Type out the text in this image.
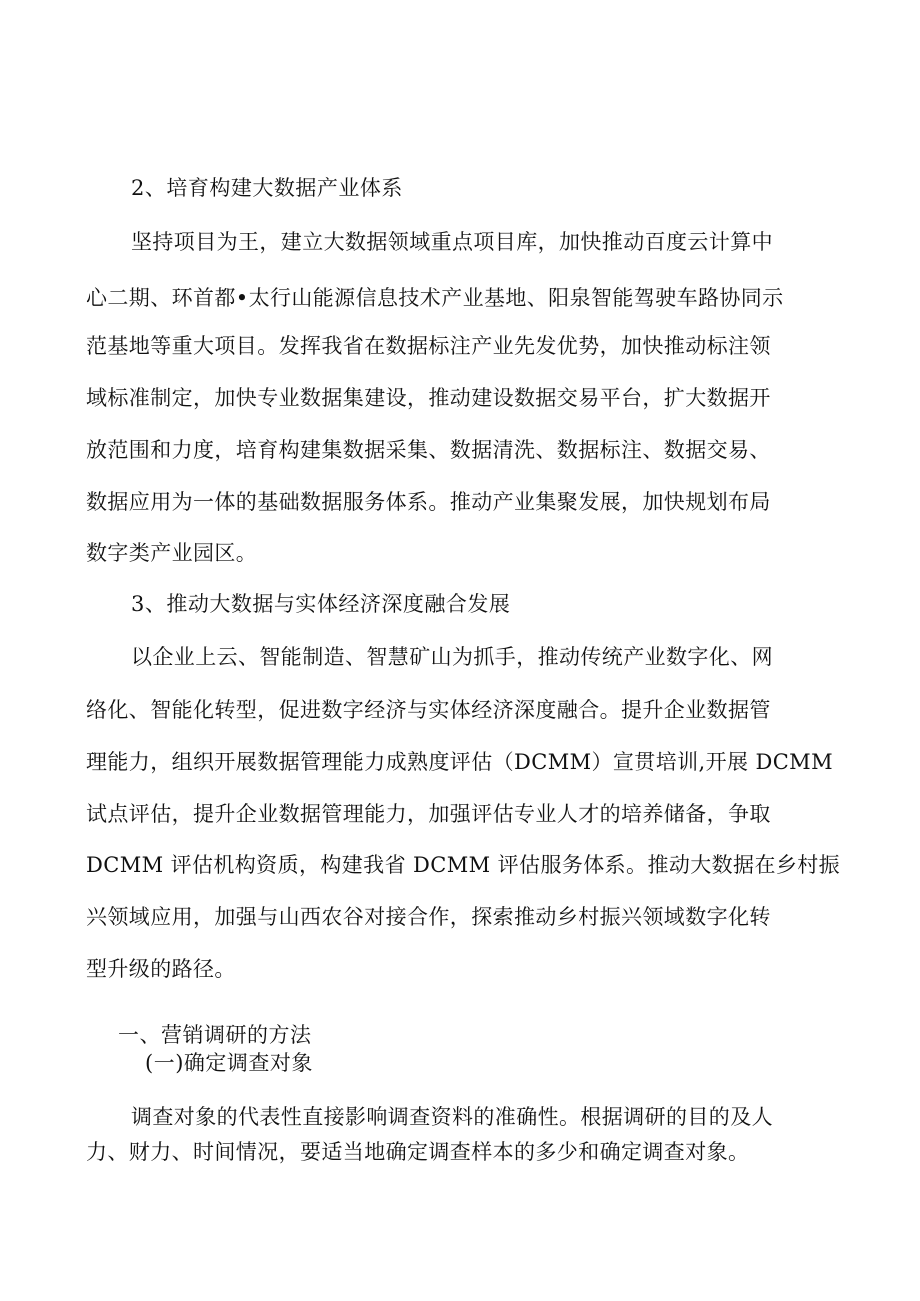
2、培育构建大数据产业体系
坚持项目为王，建立大数据领域重点项目库，加快推动百度云计算中
心二期、环首都•太行山能源信息技术产业基地、阳泉智能驾驶车路协同示
范基地等重大项目。发挥我省在数据标注产业先发优势，加快推动标注领
域标准制定，加快专业数据集建设，推动建设数据交易平台，扩大数据开
放范围和力度，培育构建集数据采集、数据清洗、数据标注、数据交易、
数据应用为一体的基础数据服务体系。推动产业集聚发展，加快规划布局
数字类产业园区。
3、推动大数据与实体经济深度融合发展
以企业上云、智能制造、智慧矿山为抓手，推动传统产业数字化、网
络化、智能化转型，促进数字经济与实体经济深度融合。提升企业数据管
理能力，组织开展数据管理能力成熟度评估（DCMM）宣贯培训,开展 DCMM
试点评估，提升企业数据管理能力，加强评估专业人才的培养储备，争取
DCMM 评估机构资质，构建我省 DCMM 评估服务体系。推动大数据在乡村振
兴领域应用，加强与山西农谷对接合作，探索推动乡村振兴领域数字化转
型升级的路径。
一、营销调研的方法
(一)确定调查对象
调查对象的代表性直接影响调查资料的准确性。根据调研的目的及人
力、财力、时间情况，要适当地确定调查样本的多少和确定调查对象。
